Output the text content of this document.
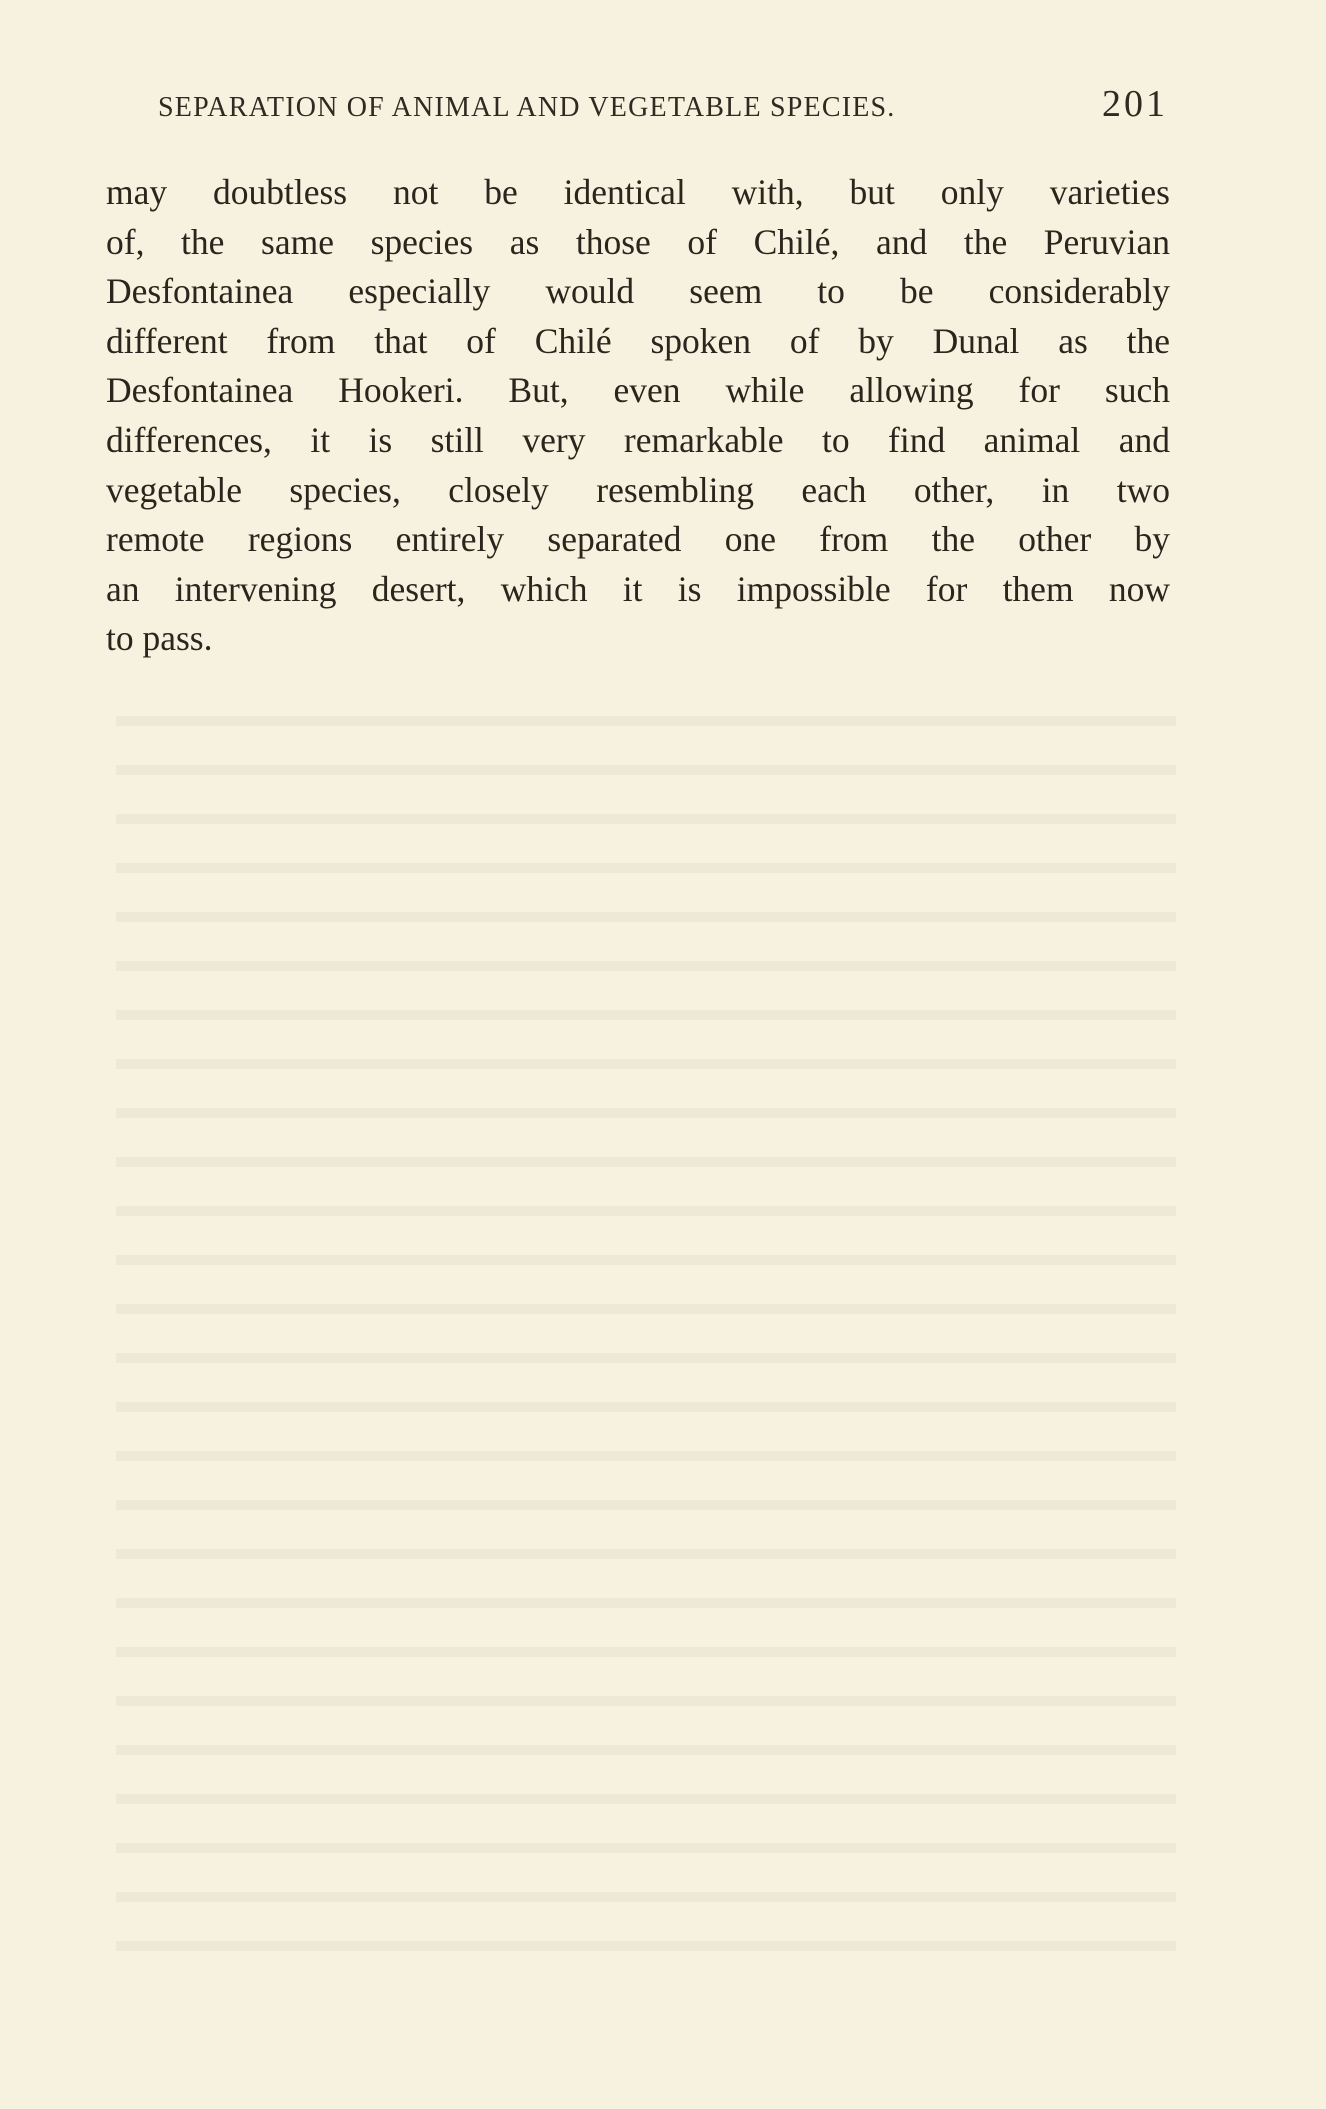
SEPARATION OF ANIMAL AND VEGETABLE SPECIES.	201
may doubtless not be identical with, but only varieties
of, the same species as those of Chilé, and the Peruvian
Desfontainea especially would seem to be considerably
different from that of Chilé spoken of by Dunal as the
Desfontainea Hookeri. But, even while allowing for such
differences, it is still very remarkable to find animal and
vegetable species, closely resembling each other, in two
remote regions entirely separated one from the other by
an intervening desert, which it is impossible for them now
to pass.
